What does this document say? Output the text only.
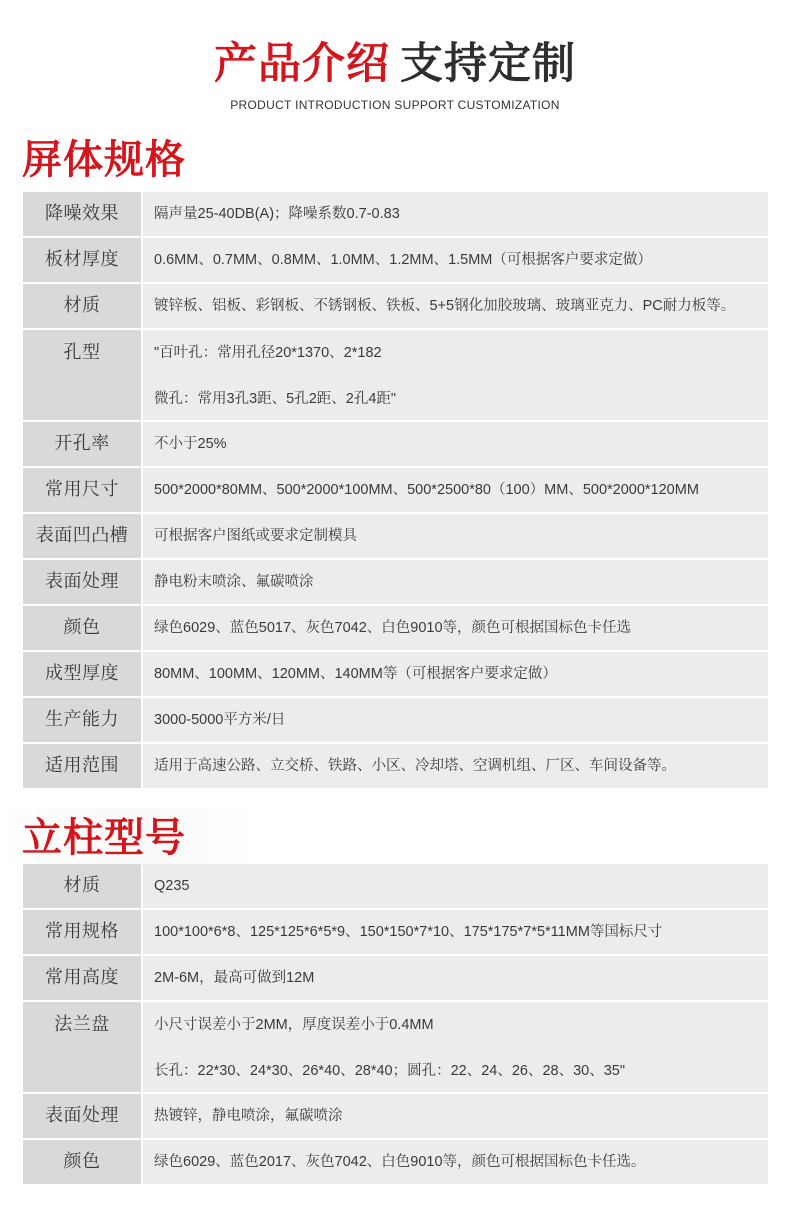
产品介绍 支持定制
PRODUCT INTRODUCTION SUPPORT CUSTOMIZATION
屏体规格
降噪效果	隔声量25-40DB(A)；降噪系数0.7-0.83
板材厚度	0.6MM、0.7MM、0.8MM、1.0MM、1.2MM、1.5MM（可根据客户要求定做）
材质	镀锌板、铝板、彩钢板、不锈钢板、铁板、5+5钢化加胶玻璃、玻璃亚克力、PC耐力板等。
孔型	"百叶孔：常用孔径20*1370、2*182
微孔：常用3孔3距、5孔2距、2孔4距"
开孔率	不小于25%
常用尺寸	500*2000*80MM、500*2000*100MM、500*2500*80（100）MM、500*2000*120MM
表面凹凸槽	可根据客户图纸或要求定制模具
表面处理	静电粉末喷涂、氟碳喷涂
颜色	绿色6029、蓝色5017、灰色7042、白色9010等，颜色可根据国标色卡任选
成型厚度	80MM、100MM、120MM、140MM等（可根据客户要求定做）
生产能力	3000-5000平方米/日
适用范围	适用于高速公路、立交桥、铁路、小区、冷却塔、空调机组、厂区、车间设备等。
立柱型号
材质	Q235
常用规格	100*100*6*8、125*125*6*5*9、150*150*7*10、175*175*7*5*11MM等国标尺寸
常用高度	2M-6M，最高可做到12M
法兰盘	小尺寸误差小于2MM，厚度误差小于0.4MM
长孔：22*30、24*30、26*40、28*40；圆孔：22、24、26、28、30、35"
表面处理	热镀锌，静电喷涂，氟碳喷涂
颜色	绿色6029、蓝色2017、灰色7042、白色9010等，颜色可根据国标色卡任选。
